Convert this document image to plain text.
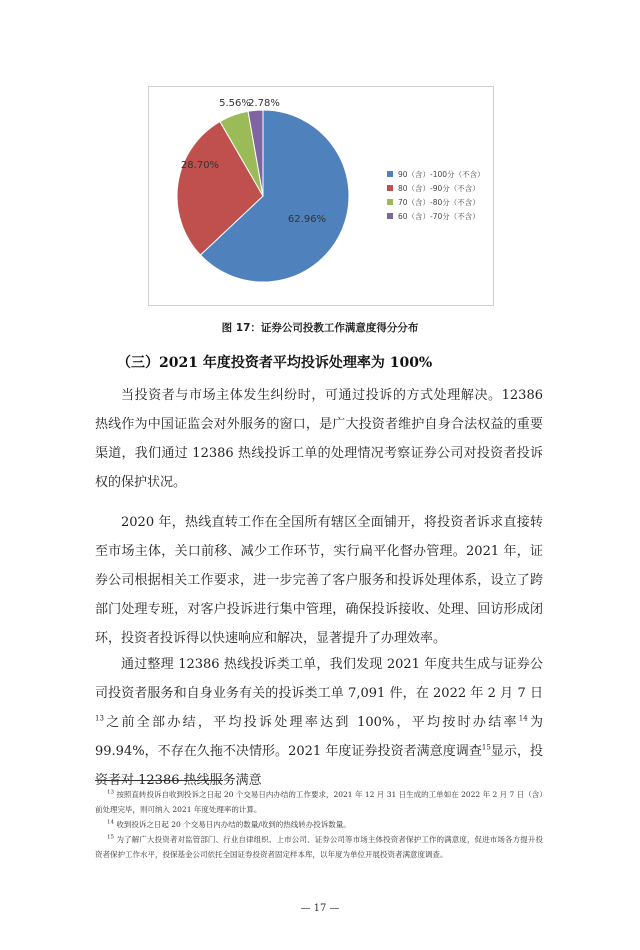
62.96%
28.70%
5.56%
2.78%
90（含）-100分（不含）
80（含）-90分（不含）
70（含）-80分（不含）
60（含）-70分（不含）
图 17：证券公司投教工作满意度得分分布
（三）2021 年度投资者平均投诉处理率为 100%

当投资者与市场主体发生纠纷时，可通过投诉的方式处理解决。12386 热线作为中国证监会对外服务的窗口，是广大投资者维护自身合法权益的重要渠道，我们通过 12386 热线投诉工单的处理情况考察证券公司对投资者投诉权的保护状况。

2020 年，热线直转工作在全国所有辖区全面铺开，将投资者诉求直接转至市场主体，关口前移、减少工作环节，实行扁平化督办管理。2021 年，证券公司根据相关工作要求，进一步完善了客户服务和投诉处理体系，设立了跨部门处理专班，对客户投诉进行集中管理，确保投诉接收、处理、回访形成闭环，投资者投诉得以快速响应和解决，显著提升了办理效率。

通过整理 12386 热线投诉类工单，我们发现 2021 年度共生成与证券公司投资者服务和自身业务有关的投诉类工单 7,091 件，在 2022 年 2 月 7 日$^{13}$之前全部办结，平均投诉处理率达到 100%，平均按时办结率$^{14}$为 99.94%，不存在久拖不决情形。2021 年度证券投资者满意度调查$^{15}$显示，投资者对 12386 热线服务满意

$^{13}$ 按照直转投诉自收到投诉之日起 20 个交易日内办结的工作要求，2021 年 12 月 31 日生成的工单如在 2022 年 2 月 7 日（含）前处理完毕，则可纳入 2021 年度处理率的计算。
$^{14}$ 收到投诉之日起 20 个交易日内办结的数量/收到的热线转办投诉数量。
$^{15}$ 为了解广大投资者对监管部门、行业自律组织、上市公司、证券公司等市场主体投资者保护工作的满意度，促进市场各方提升投资者保护工作水平，投保基金公司依托全国证券投资者固定样本库，以年度为单位开展投资者满意度调查。
— 17 —
